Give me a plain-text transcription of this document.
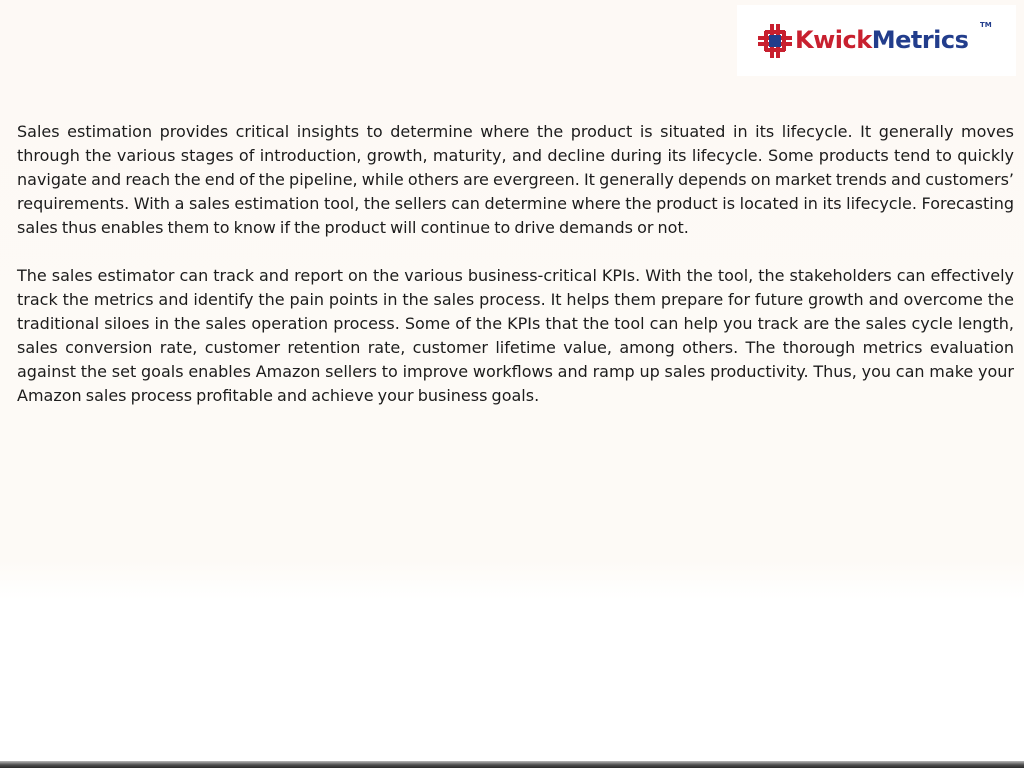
KwickMetrics
TM

Sales estimation provides critical insights to determine where the product is situated in its lifecycle. It generally moves through the various stages of introduction, growth, maturity, and decline during its lifecycle. Some products tend to quickly navigate and reach the end of the pipeline, while others are evergreen. It generally depends on market trends and customers’ requirements. With a sales estimation tool, the sellers can determine where the product is located in its lifecycle. Forecasting sales thus enables them to know if the product will continue to drive demands or not.

The sales estimator can track and report on the various business-critical KPIs. With the tool, the stakeholders can effectively track the metrics and identify the pain points in the sales process. It helps them prepare for future growth and overcome the traditional siloes in the sales operation process. Some of the KPIs that the tool can help you track are the sales cycle length, sales conversion rate, customer retention rate, customer lifetime value, among others. The thorough metrics evaluation against the set goals enables Amazon sellers to improve workflows and ramp up sales productivity. Thus, you can make your Amazon sales process profitable and achieve your business goals.
